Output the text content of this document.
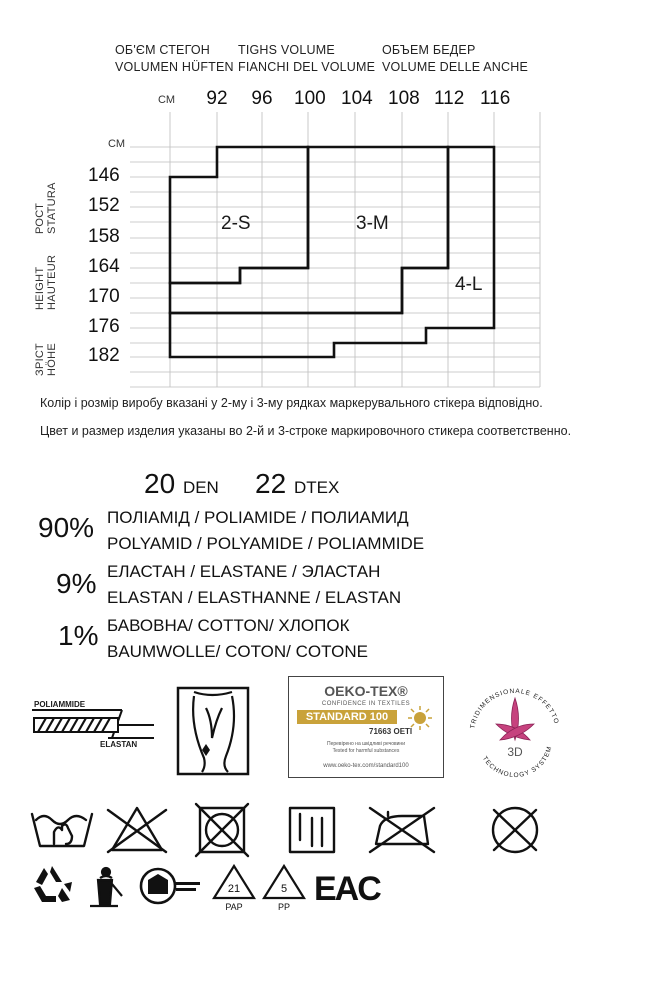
ОБ'ЄМ СТЕГОН
VOLUMEN HÜFTEN
TIGHS VOLUME
FIANCHI DEL VOLUME
ОБЪЕМ БЕДЕР
VOLUME DELLE ANCHE
СМ 92 96 100 104 108 112 116
СМ
146
152
158
164
170
176
182
РОСТ STATURA
HEIGHT HAUTEUR
ЗРІСТ HÖHE
2-S	3-M
4-L
Колір і розмір виробу вказані у 2-му і 3-му рядках маркерувального стікера відповідно.
Цвет и размер изделия указаны во 2-й и 3-строке маркировочного стикера соответственно.
20 DEN 22 DTEX
90% ПОЛІАМІД / POLIAMIDE / ПОЛИАМИД
POLYAMID / POLYAMIDE / POLIAMMIDE
9% ЕЛАСТАН / ELASTANE / ЭЛАСТАН
ELASTAN / ELASTHANNE / ELASTAN
1% БАВОВНА/ COTTON/ ХЛОПОК
BAUMWOLLE/ COTON/ COTONE
POLIAMMIDE
ELASTAN
OEKO-TEX®
CONFIDENCE IN TEXTILES
STANDARD 100
71663 OETI
Перевірено на шкідливі речовини
Tested for harmful substances
www.oeko-tex.com/standard100
TRIDIMENSIONALE EFFETTO
TECHNOLOGY SYSTEM
3D
21
PAP
5
PP EAC
